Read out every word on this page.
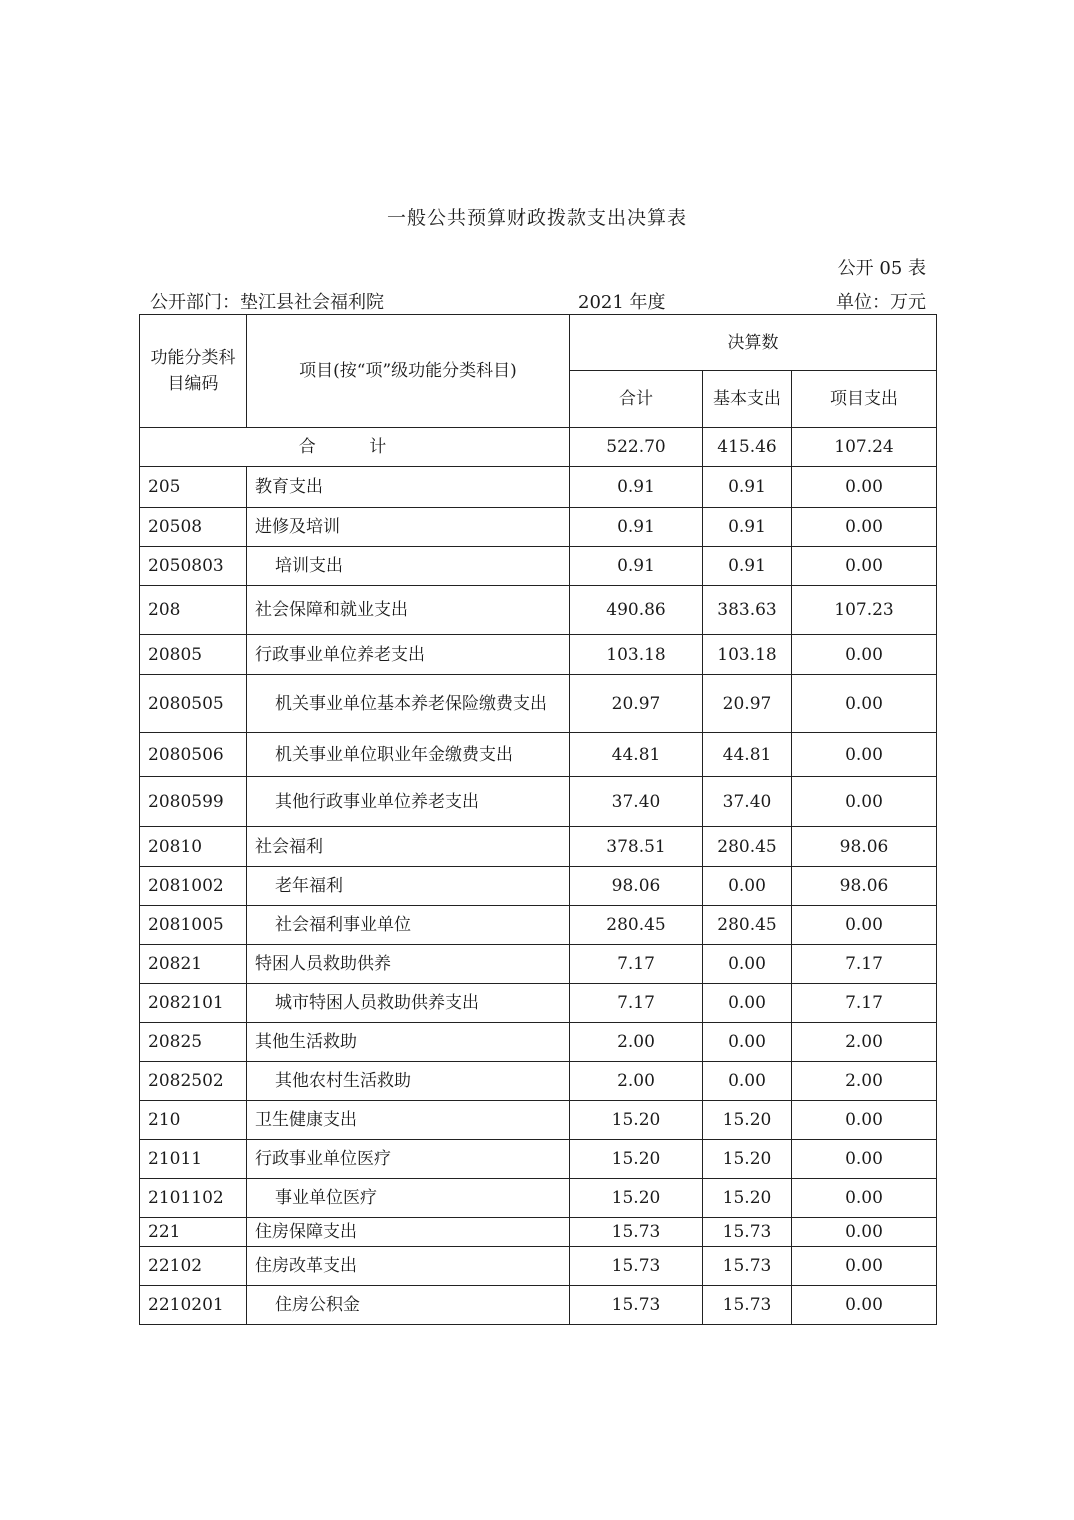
一般公共预算财政拨款支出决算表
公开 05 表
公开部门：垫江县社会福利院	2021 年度	单位：万元
功能分类科目编码	项目(按“项”级功能分类科目)	决算数		
		合计	基本支出	项目支出
合 计		522.70	415.46	107.24
205	教育支出	0.91	0.91	0.00
20508	进修及培训	0.91	0.91	0.00
2050803	培训支出	0.91	0.91	0.00
208	社会保障和就业支出	490.86	383.63	107.23
20805	行政事业单位养老支出	103.18	103.18	0.00
2080505	机关事业单位基本养老保险缴费支出	20.97	20.97	0.00
2080506	机关事业单位职业年金缴费支出	44.81	44.81	0.00
2080599	其他行政事业单位养老支出	37.40	37.40	0.00
20810	社会福利	378.51	280.45	98.06
2081002	老年福利	98.06	0.00	98.06
2081005	社会福利事业单位	280.45	280.45	0.00
20821	特困人员救助供养	7.17	0.00	7.17
2082101	城市特困人员救助供养支出	7.17	0.00	7.17
20825	其他生活救助	2.00	0.00	2.00
2082502	其他农村生活救助	2.00	0.00	2.00
210	卫生健康支出	15.20	15.20	0.00
21011	行政事业单位医疗	15.20	15.20	0.00
2101102	事业单位医疗	15.20	15.20	0.00
221	住房保障支出	15.73	15.73	0.00
22102	住房改革支出	15.73	15.73	0.00
2210201	住房公积金	15.73	15.73	0.00
